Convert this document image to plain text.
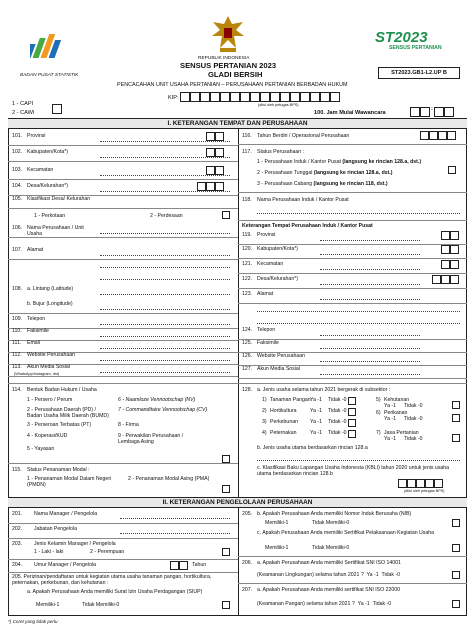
BADAN PUSAT STATISTIK
REPUBLIK INDONESIA
SENSUS PERTANIAN 2023
GLADI BERSIH
PENCACAHAN UNIT USAHA PERTANIAN – PERUSAHAAN PERTANIAN BERBADAN HUKUM
ST2023
SENSUS PERTANIAN
ST2023.GB1-L2.UP B
KIP:
(diisi oleh petugas BPS)
1 - CAPI
2 - CAWI	100. Jam Mulai Wawancara
:
I. KETERANGAN TEMPAT DAN PERUSAHAAN
101. Provinsi
102. Kabupaten/Kota*)
103. Kecamatan
104. Desa/Kelurahan*)
105. Klasifikasi Desa/ Kelurahan
1 - Perkotaan	2 - Perdesaan
106. Nama Perusahaan / Unit Usaha
107. Alamat
108. a. Lintang (Latitude)
b. Bujur (Longitude)
109. Telepon
110. Faksimile
111. Email
112. Website Perusahaan
113. Akun Media Sosial
(WhatsApp/Instagram, dst)
116. Tahun Berdiri / Operasional Perusahaan
117. Status Perusahaan :
1 - Perusahaan Induk / Kantor Pusat (langsung ke rincian 128.a, dst.)
2 - Perusahaan Tunggal (langsung ke rincian 128.a, dst.)
3 - Perusahaan Cabang (langsung ke rincian 118, dst.)
118. Nama Perusahaan Induk / Kantor Pusat
Keterangan Tempat Perusahaan Induk / Kantor Pusat
119. Provinsi
120. Kabupaten/Kota*)
121. Kecamatan
122. Desa/Kelurahan*)
123. Alamat
124. Telepon
125. Faksimile
126. Website Perusahaan
127. Akun Media Sosial
114. Bentuk Badan Hukum / Usaha
1 - Persero / Perum
2 - Perusahaan Daerah (PD) / Badan Usaha Milik Daerah (BUMD)
3 - Perseroan Terbatas (PT)
4 - Koperasi/KUD
5 - Yayasan
6 - Naamloze Vennootschap (NV)
7 - Commanditaire Vennootschap (CV)
8 - Firma
9 - Perwakilan Perusahaan / Lembaga Asing
115. Status Penanaman Modal :
1 - Penanaman Modal Dalam Negeri (PMDN)
2 - Penanaman Modal Asing (PMA)
128. a. Jenis usaha selama tahun 2021 bergerak di subsektor :
1) Tanaman Pangan Ya -1 Tidak -0
2) Hortikultura	Ya -1 Tidak -0
3) Perkebunan Ya -1 Tidak -0
4) Peternakan	Ya -1 Tidak -0
5) Kehutanan
Ya -1 Tidak -0
6) Perikanan
Ya -1 Tidak -0
7) Jasa Pertanian
Ya -1 Tidak -0
b. Jenis usaha utama berdasarkan rincian 128.a
c. Klasifikasi Baku Lapangan Usaha Indonesia (KBLI) tahun 2020 untuk jenis usaha utama berdasarkan rincian 128.b
(diisi oleh petugas BPS)
II. KETERANGAN PENGELOLAAN PERUSAHAAN
201. Nama Manager / Pengelola
202. Jabatan Pengelola
203. Jenis Kelamin Manager / Pengelola
1 - Laki - laki	2 - Perempuan
204. Umur Manager / Pengelola	Tahun
205. Perizinan/pendaftaran untuk kegiatan utama usaha tanaman pangan, hortikultura, peternakan, perkebunan, dan kehutanan :
a. Apakah Perusahaan Anda memiliki Surat Izin Usaha Perdagangan (SIUP)
Memiliki-1	Tidak Memiliki-0
205. b. Apakah Perusahaan Anda memiliki Nomor Induk Berusaha (NIB)
Memiliki-1	Tidak Memiliki-0
c. Apakah Perusahaan Anda memiliki Sertifikat Pelaksanaan Kegiatan Usaha
Memiliki-1	Tidak Memiliki-0
206. a. Apakah Perusahaan Anda memiliki Sertifikat SNI ISO 14001
(Keamanan Lingkungan) selama tahun 2021 ? Ya -1 Tidak -0
207. a. Apakah Perusahaan Anda memiliki sertifikat SNI ISO 22000
(Keamanan Pangan) selama tahun 2021 ? Ya -1 Tidak -0
*) Coret yang tidak perlu
